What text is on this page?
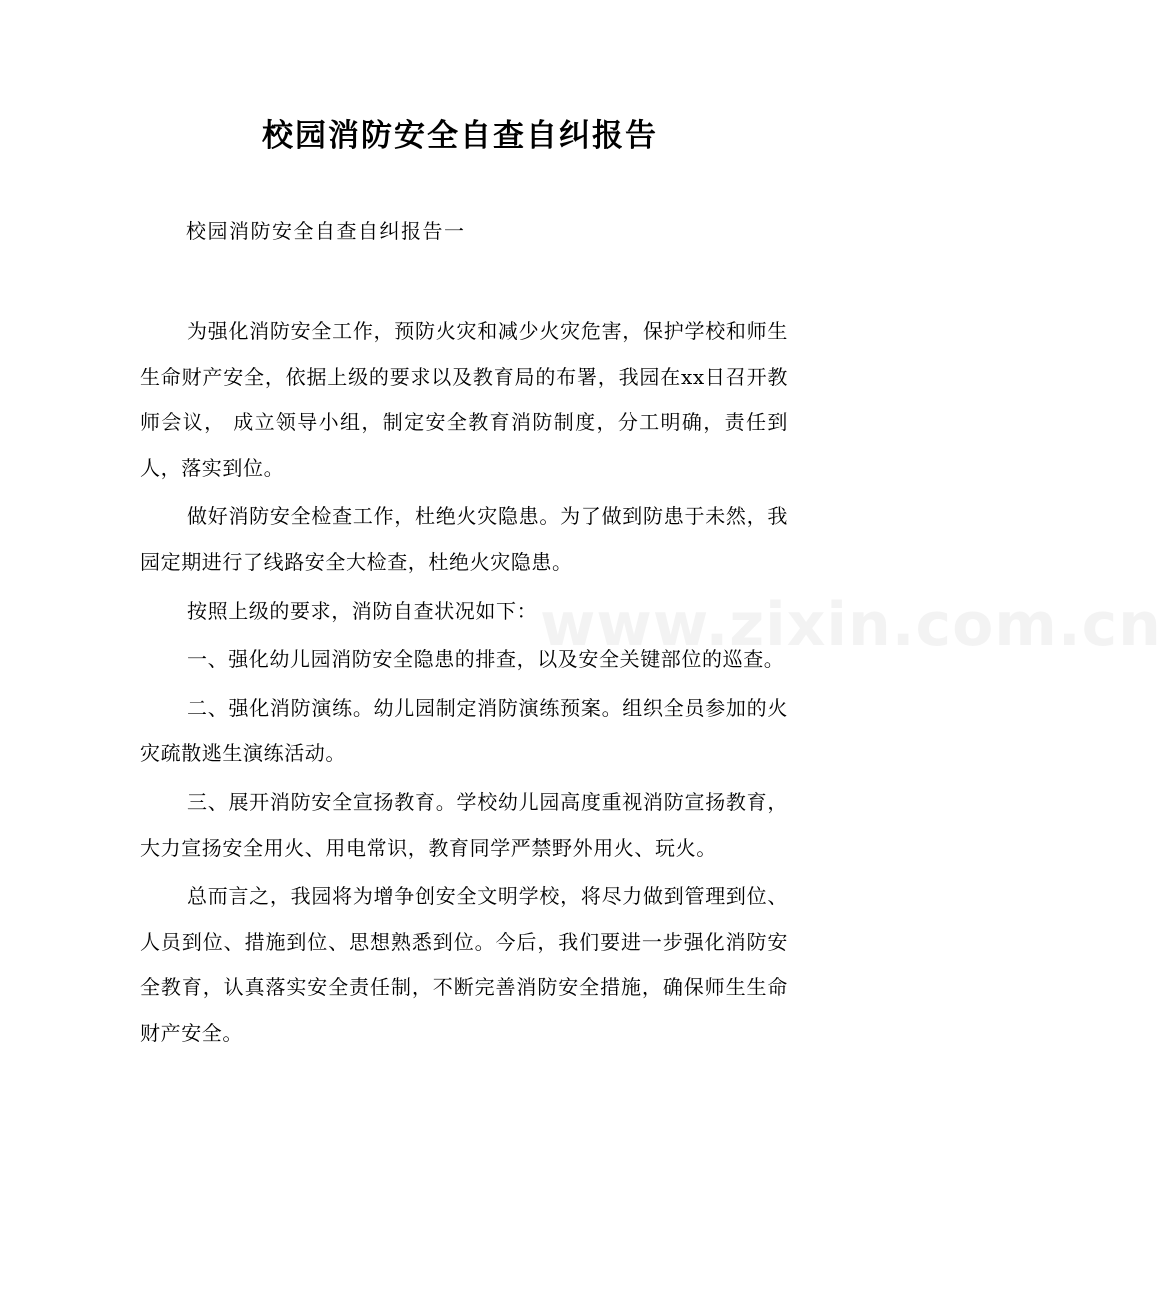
校园消防安全自查自纠报告

校园消防安全自查自纠报告一

为强化消防安全工作，预防火灾和减少火灾危害，保护学校和师生生命财产安全，依据上级的要求以及教育局的布署，我园在xx日召开教师会议， 成立领导小组，制定安全教育消防制度，分工明确，责任到人，落实到位。

做好消防安全检查工作，杜绝火灾隐患。为了做到防患于未然，我园定期进行了线路安全大检查，杜绝火灾隐患。

按照上级的要求，消防自查状况如下：

一、强化幼儿园消防安全隐患的排查，以及安全关键部位的巡查。

二、强化消防演练。幼儿园制定消防演练预案。组织全员参加的火灾疏散逃生演练活动。

三、展开消防安全宣扬教育。学校幼儿园高度重视消防宣扬教育，大力宣扬安全用火、用电常识，教育同学严禁野外用火、玩火。

总而言之，我园将为增争创安全文明学校，将尽力做到管理到位、人员到位、措施到位、思想熟悉到位。今后，我们要进一步强化消防安全教育，认真落实安全责任制，不断完善消防安全措施，确保师生生命财产安全。

www.zixin.com.cn
